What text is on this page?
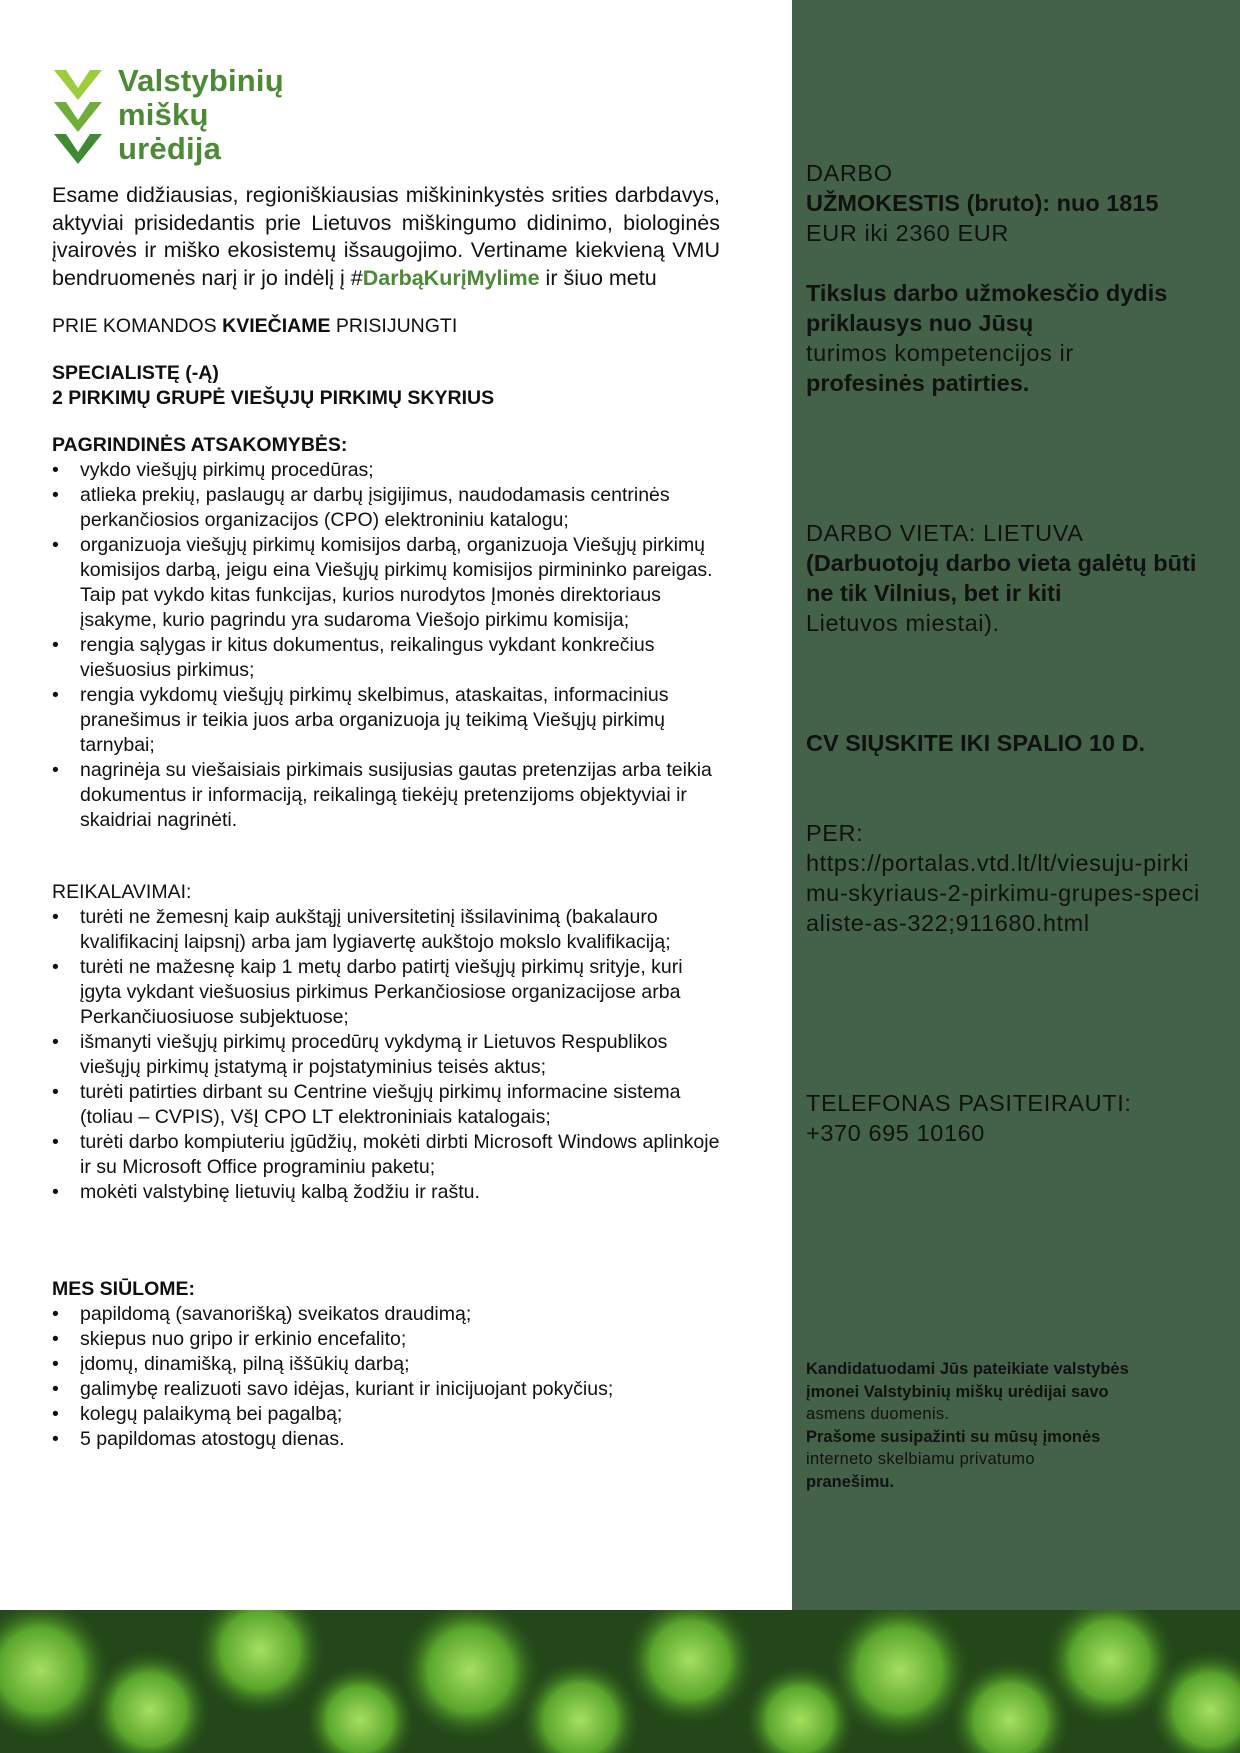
Valstybinių
miškų
urėdija
Esame didžiausias, regioniškiausias miškininkystės srities darbdavys, aktyviai prisidedantis prie Lietuvos miškingumo didinimo, biologinės įvairovės ir miško ekosistemų išsaugojimo. Vertiname kiekvieną VMU bendruomenės narį ir jo indėlį į #DarbąKurįMylime ir šiuo metu
PRIE KOMANDOS KVIEČIAME PRISIJUNGTI
SPECIALISTĘ (-Ą)
2 PIRKIMŲ GRUPĖ VIEŠŲJŲ PIRKIMŲ SKYRIUS
PAGRINDINĖS ATSAKOMYBĖS:
• vykdo viešųjų pirkimų procedūras;
• atlieka prekių, paslaugų ar darbų įsigijimus, naudodamasis centrinės perkančiosios organizacijos (CPO) elektroniniu katalogu;
• organizuoja viešųjų pirkimų komisijos darbą, organizuoja Viešųjų pirkimų komisijos darbą, jeigu eina Viešųjų pirkimų komisijos pirmininko pareigas. Taip pat vykdo kitas funkcijas, kurios nurodytos Įmonės direktoriaus įsakyme, kurio pagrindu yra sudaroma Viešojo pirkimu komisija;
• rengia sąlygas ir kitus dokumentus, reikalingus vykdant konkrečius viešuosius pirkimus;
• rengia vykdomų viešųjų pirkimų skelbimus, ataskaitas, informacinius pranešimus ir teikia juos arba organizuoja jų teikimą Viešųjų pirkimų tarnybai;
• nagrinėja su viešaisiais pirkimais susijusias gautas pretenzijas arba teikia dokumentus ir informaciją, reikalingą tiekėjų pretenzijoms objektyviai ir skaidriai nagrinėti.
REIKALAVIMAI:
• turėti ne žemesnį kaip aukštąjį universitetinį išsilavinimą (bakalauro kvalifikacinį laipsnį) arba jam lygiavertę aukštojo mokslo kvalifikaciją;
• turėti ne mažesnę kaip 1 metų darbo patirtį viešųjų pirkimų srityje, kuri įgyta vykdant viešuosius pirkimus Perkančiosiose organizacijose arba Perkančiuosiuose subjektuose;
• išmanyti viešųjų pirkimų procedūrų vykdymą ir Lietuvos Respublikos viešųjų pirkimų įstatymą ir pojstatyminius teisės aktus;
• turėti patirties dirbant su Centrine viešųjų pirkimų informacine sistema (toliau – CVPIS), VšĮ CPO LT elektroniniais katalogais;
• turėti darbo kompiuteriu įgūdžių, mokėti dirbti Microsoft Windows aplinkoje ir su Microsoft Office programiniu paketu;
• mokėti valstybinę lietuvių kalbą žodžiu ir raštu.
MES SIŪLOME:
• papildomą (savanorišką) sveikatos draudimą;
• skiepus nuo gripo ir erkinio encefalito;
• įdomų, dinamišką, pilną iššūkių darbą;
• galimybę realizuoti savo idėjas, kuriant ir inicijuojant pokyčius;
• kolegų palaikymą bei pagalbą;
• 5 papildomas atostogų dienas.
DARBO
UŽMOKESTIS (bruto): nuo 1815
EUR iki 2360 EUR
Tikslus darbo užmokesčio dydis priklausys nuo Jūsų
turimos kompetencijos ir
profesinės patirties.
DARBO VIETA: LIETUVA
(Darbuotojų darbo vieta galėtų būti ne tik Vilnius, bet ir kiti
Lietuvos miestai).
CV SIŲSKITE IKI SPALIO 10 D.
PER:
https://portalas.vtd.lt/lt/viesuju-pirkimu-skyriaus-2-pirkimu-grupes-specialiste-as-322;911680.html
TELEFONAS PASITEIRAUTI:
+370 695 10160
Kandidatuodami Jūs pateikiate valstybės įmonei Valstybinių miškų urėdijai savo
asmens duomenis.
Prašome susipažinti su mūsų įmonės
interneto skelbiamu privatumo
pranešimu.
